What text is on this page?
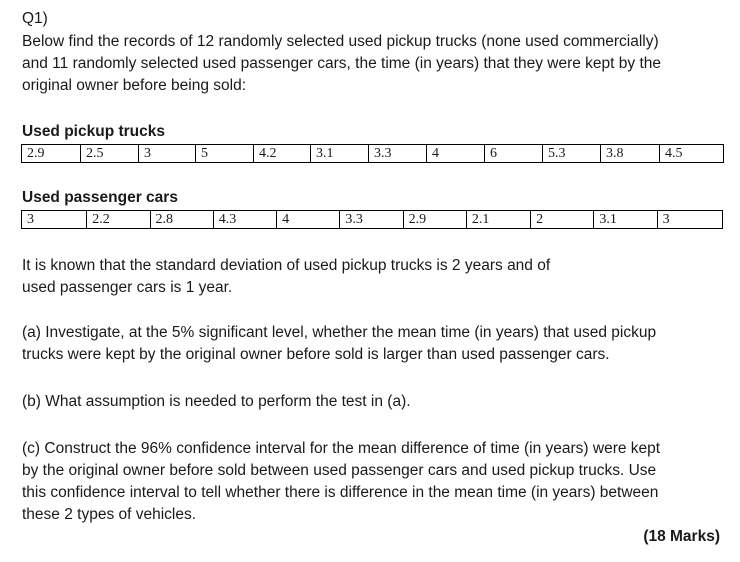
Q1)

Below find the records of 12 randomly selected used pickup trucks (none used commercially)

and 11 randomly selected used passenger cars, the time (in years) that they were kept by the

original owner before being sold:

Used pickup trucks

2.9	2.5	3	5	4.2	3.1	3.3	4	6	5.3	3.8	4.5

Used passenger cars

3	2.2	2.8	4.3	4	3.3	2.9	2.1	2	3.1	3

It is known that the standard deviation of used pickup trucks is 2 years and of

used passenger cars is 1 year.

(a) Investigate, at the 5% significant level, whether the mean time (in years) that used pickup

trucks were kept by the original owner before sold is larger than used passenger cars.

(b) What assumption is needed to perform the test in (a).

(c) Construct the 96% confidence interval for the mean difference of time (in years) were kept

by the original owner before sold between used passenger cars and used pickup trucks. Use

this confidence interval to tell whether there is difference in the mean time (in years) between

these 2 types of vehicles.

(18 Marks)
